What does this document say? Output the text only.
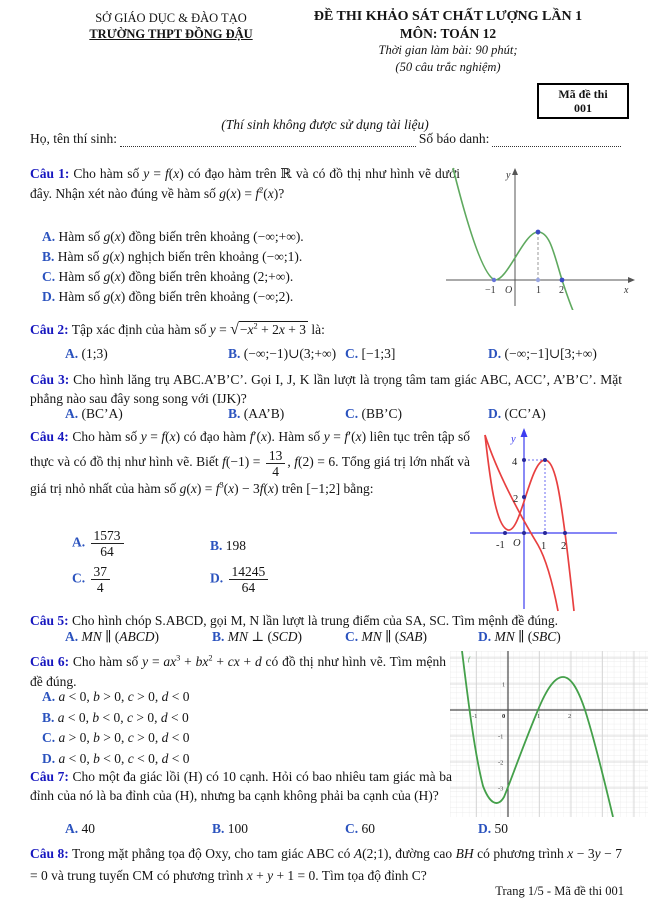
SỞ GIÁO DỤC & ĐÀO TẠO
TRƯỜNG THPT ĐỒNG ĐẬU
ĐỀ THI KHẢO SÁT CHẤT LƯỢNG LẦN 1
MÔN: TOÁN 12
Thời gian làm bài: 90 phút;
(50 câu trắc nghiệm)
Mã đề thi
001
(Thí sinh không được sử dụng tài liệu)
Họ, tên thí sinh:	Số báo danh:
Câu 1: Cho hàm số y = f(x) có đạo hàm trên ℝ và có đồ thị như hình vẽ dưới đây. Nhận xét nào đúng về hàm số $g(x) = f^2(x)$?
A. Hàm số g(x) đồng biến trên khoảng (−∞;+∞).
B. Hàm số g(x) nghịch biến trên khoảng (−∞;1).
C. Hàm số g(x) đồng biến trên khoảng (2;+∞).
D. Hàm số g(x) đồng biến trên khoảng (−∞;2).
y
x
−1 O 1 2
Câu 2: Tập xác định của hàm số $y = √-x^2 + 2x + 3$ là:
A. (1;3)	B. (−∞;−1)∪(3;+∞) C. [−1;3]	D. (−∞;−1]∪[3;+∞)
Câu 3: Cho hình lăng trụ ABC.A’B’C’. Gọi I, J, K lần lượt là trọng tâm tam giác ABC, ACC’, A’B’C’. Mặt phẳng nào sau đây song song với (IJK)?
A. (BC’A)	B. (AA’B)	C. (BB’C)	D. (CC’A)
Câu 4: Cho hàm số y = f(x) có đạo hàm f′(x). Hàm số y = f′(x) liên tục trên tập số thực và có đồ thị như hình vẽ. Biết $f(-1) = \frac{13}{4}$ , f(2) = 6. Tổng giá trị lớn nhất và giá trị nhỏ nhất của hàm số $g(x) = f^3(x) - 3f(x)$ trên [−1;2] bằng:
A. $\frac{1573}{64}$	B. 198
C. $\frac{37}{4}$	D. $\frac{14245}{64}$
y
4
2
-1 O 1 2
Câu 5: Cho hình chóp S.ABCD, gọi M, N lần lượt là trung điểm của SA, SC. Tìm mệnh đề đúng.
A. MN ∥ (ABCD)	B. MN ⊥ (SCD)	C. MN ∥ (SAB)	D. MN ∥ (SBC)
Câu 6: Cho hàm số $y = ax^3 + bx^2$ + cx + d có đồ thị như hình vẽ. Tìm mệnh đề đúng.
A. a < 0, b > 0, c > 0, d < 0
B. a < 0, b < 0, c > 0, d < 0
C. a > 0, b > 0, c > 0, d < 0
D. a < 0, b < 0, c < 0, d < 0
f
-1	0	1	2
1
-1
-2
-3
Câu 7: Cho một đa giác lồi (H) có 10 cạnh. Hỏi có bao nhiêu tam giác mà ba đỉnh của nó là ba đỉnh của (H), nhưng ba cạnh không phải ba cạnh của (H)?
A. 40	B. 100	C. 60	D. 50
Câu 8: Trong mặt phẳng tọa độ Oxy, cho tam giác ABC có A(2;1), đường cao BH có phương trình x − 3y − 7 = 0 và trung tuyến CM có phương trình x + y + 1 = 0. Tìm tọa độ đỉnh C?
Trang 1/5 - Mã đề thi 001
